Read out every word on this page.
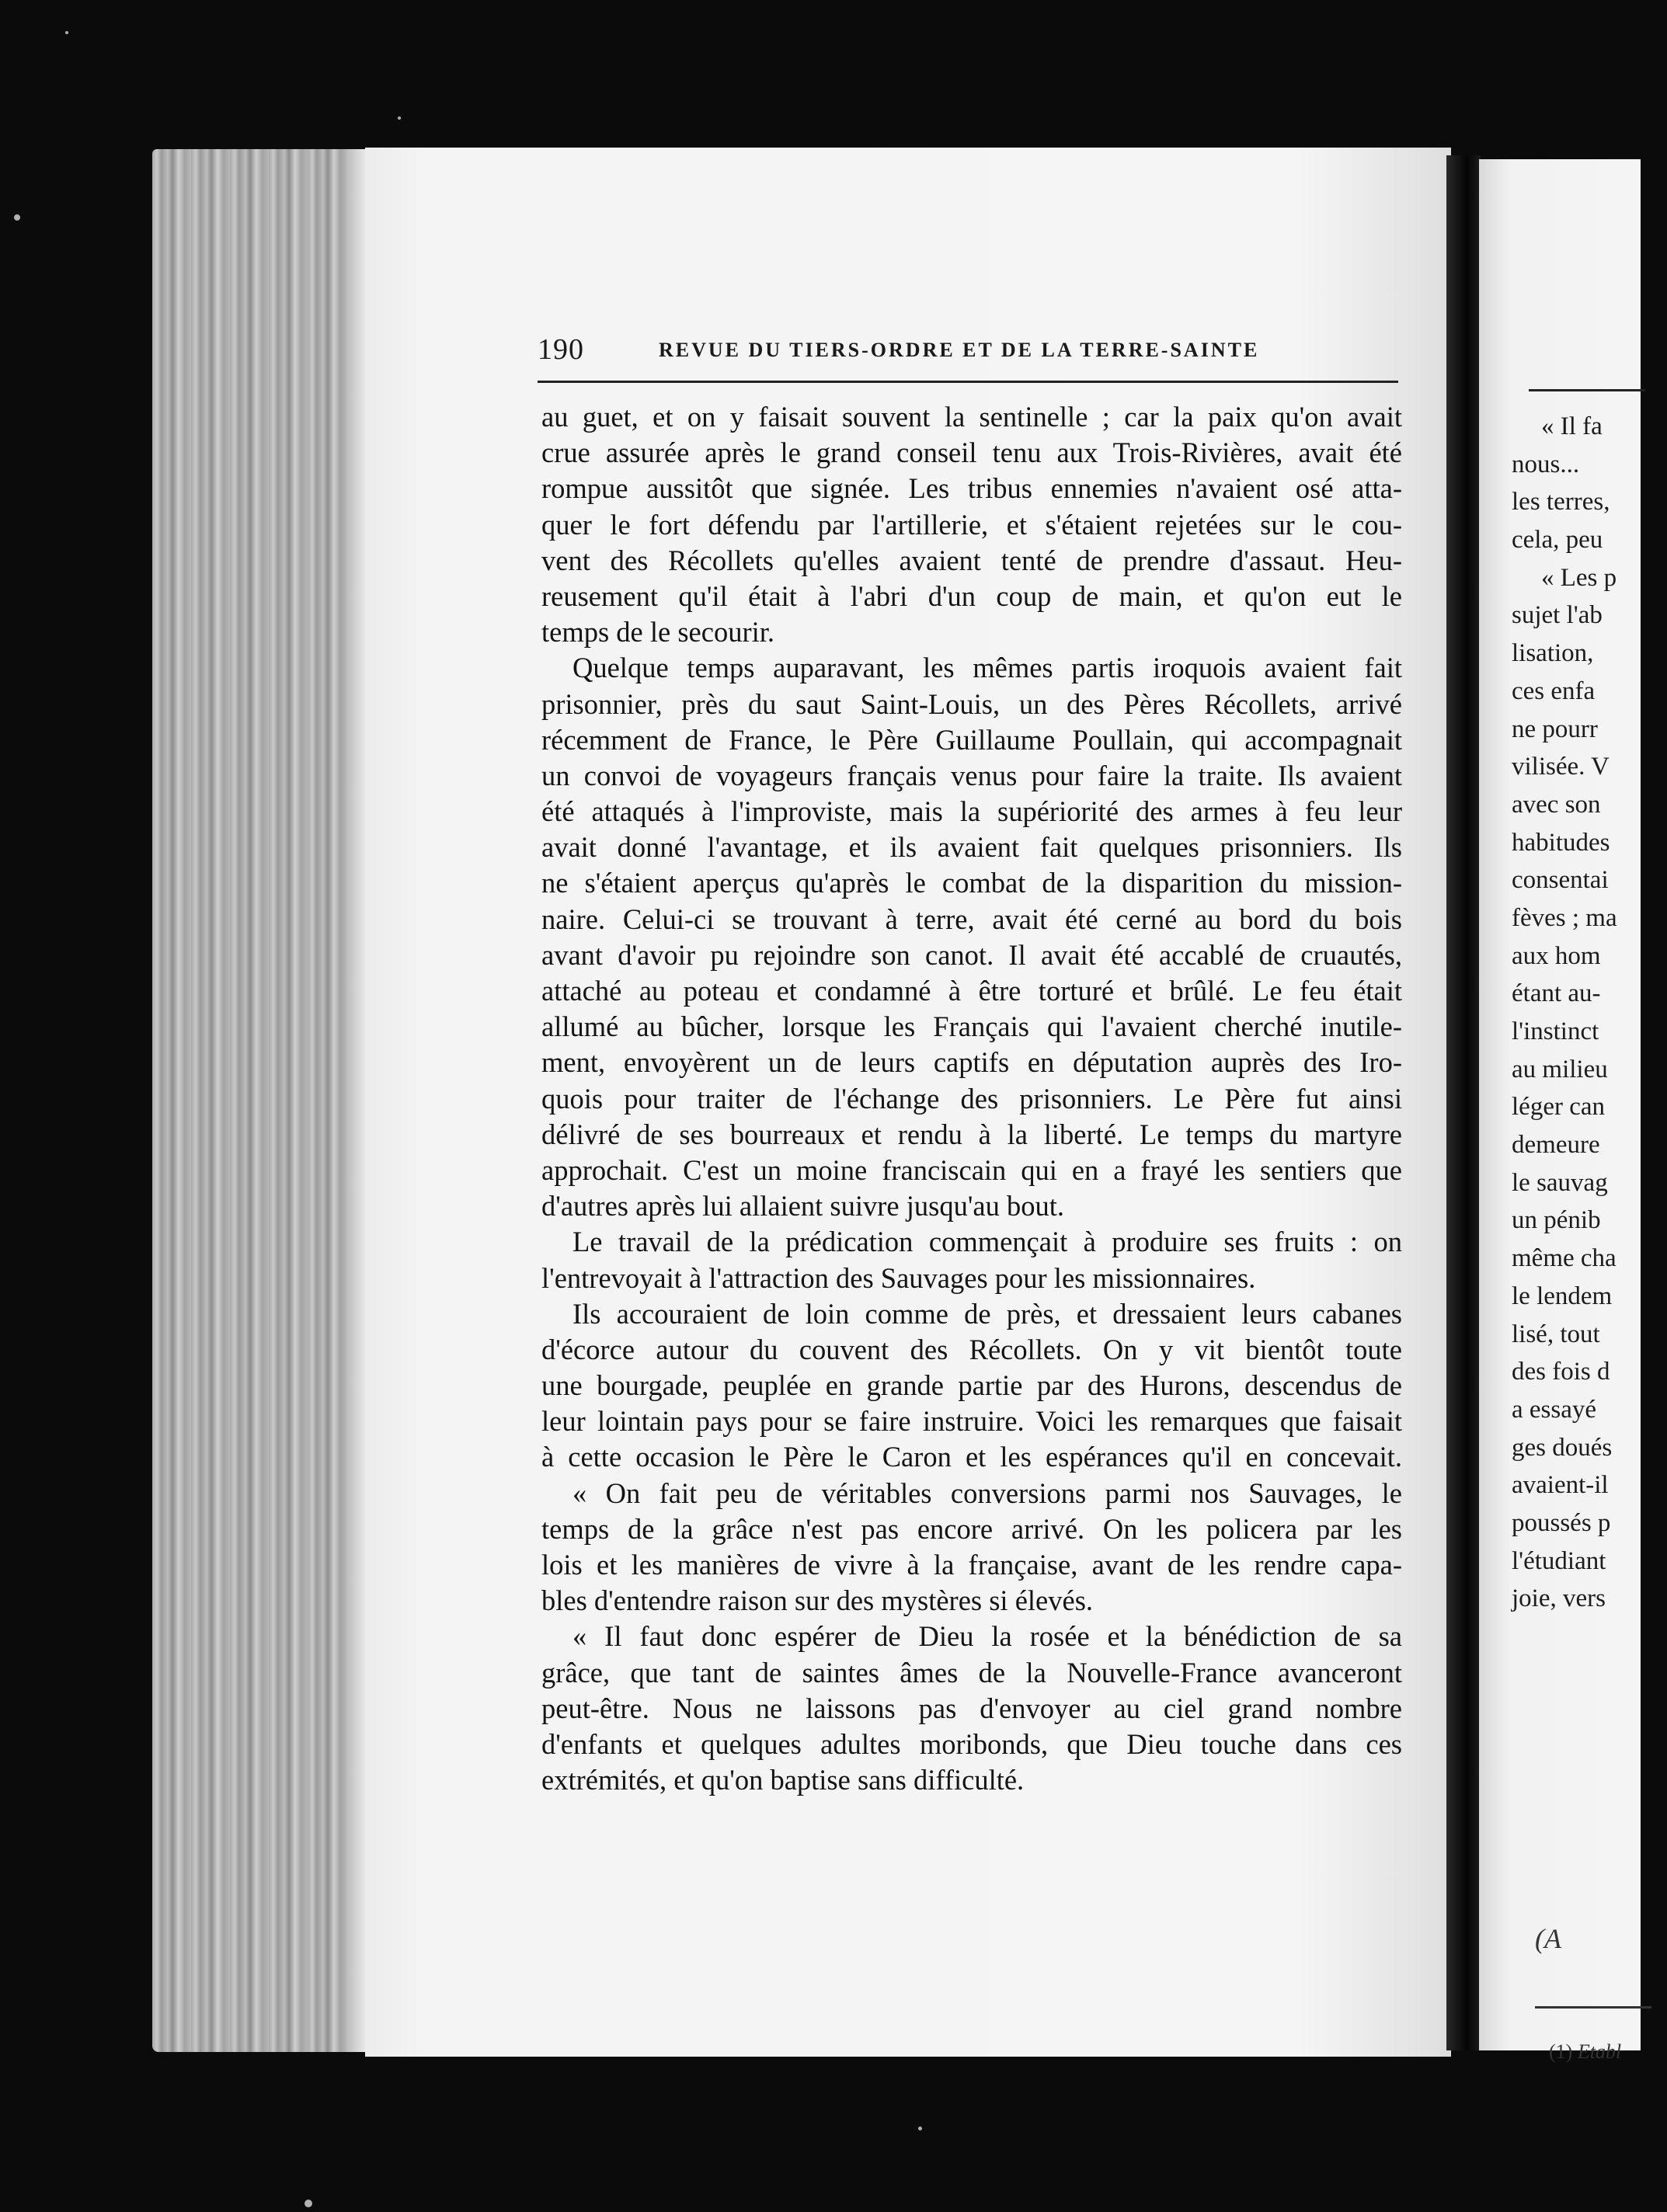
190	REVUE DU TIERS-ORDRE ET DE LA TERRE-SAINTE
au guet, et on y faisait souvent la sentinelle ; car la paix qu'on avait
crue assurée après le grand conseil tenu aux Trois-Rivières, avait été
rompue aussitôt que signée. Les tribus ennemies n'avaient osé atta-
quer le fort défendu par l'artillerie, et s'étaient rejetées sur le cou-
vent des Récollets qu'elles avaient tenté de prendre d'assaut. Heu-
reusement qu'il était à l'abri d'un coup de main, et qu'on eut le
temps de le secourir.
Quelque temps auparavant, les mêmes partis iroquois avaient fait
prisonnier, près du saut Saint-Louis, un des Pères Récollets, arrivé
récemment de France, le Père Guillaume Poullain, qui accompagnait
un convoi de voyageurs français venus pour faire la traite. Ils avaient
été attaqués à l'improviste, mais la supériorité des armes à feu leur
avait donné l'avantage, et ils avaient fait quelques prisonniers. Ils
ne s'étaient aperçus qu'après le combat de la disparition du mission-
naire. Celui-ci se trouvant à terre, avait été cerné au bord du bois
avant d'avoir pu rejoindre son canot. Il avait été accablé de cruautés,
attaché au poteau et condamné à être torturé et brûlé. Le feu était
allumé au bûcher, lorsque les Français qui l'avaient cherché inutile-
ment, envoyèrent un de leurs captifs en députation auprès des Iro-
quois pour traiter de l'échange des prisonniers. Le Père fut ainsi
délivré de ses bourreaux et rendu à la liberté. Le temps du martyre
approchait. C'est un moine franciscain qui en a frayé les sentiers que
d'autres après lui allaient suivre jusqu'au bout.
Le travail de la prédication commençait à produire ses fruits : on
l'entrevoyait à l'attraction des Sauvages pour les missionnaires.
Ils accouraient de loin comme de près, et dressaient leurs cabanes
d'écorce autour du couvent des Récollets. On y vit bientôt toute
une bourgade, peuplée en grande partie par des Hurons, descendus de
leur lointain pays pour se faire instruire. Voici les remarques que faisait
à cette occasion le Père le Caron et les espérances qu'il en concevait.
« On fait peu de véritables conversions parmi nos Sauvages, le
temps de la grâce n'est pas encore arrivé. On les policera par les
lois et les manières de vivre à la française, avant de les rendre capa-
bles d'entendre raison sur des mystères si élevés.
« Il faut donc espérer de Dieu la rosée et la bénédiction de sa
grâce, que tant de saintes âmes de la Nouvelle-France avanceront
peut-être. Nous ne laissons pas d'envoyer au ciel grand nombre
d'enfants et quelques adultes moribonds, que Dieu touche dans ces
extrémités, et qu'on baptise sans difficulté.
« Il fa
nous...
les terres,
cela, peu
« Les p
sujet l'ab
lisation,
ces enfa
ne pourr
vilisée. V
avec son
habitudes
consentai
fèves ; ma
aux hom
étant au-
l'instinct
au milieu
léger can
demeure
le sauvag
un pénib
même cha
le lendem
lisé, tout
des fois d
a essayé
ges doués
avaient-il
poussés p
l'étudiant
joie, vers
(A
(1) Etabl
